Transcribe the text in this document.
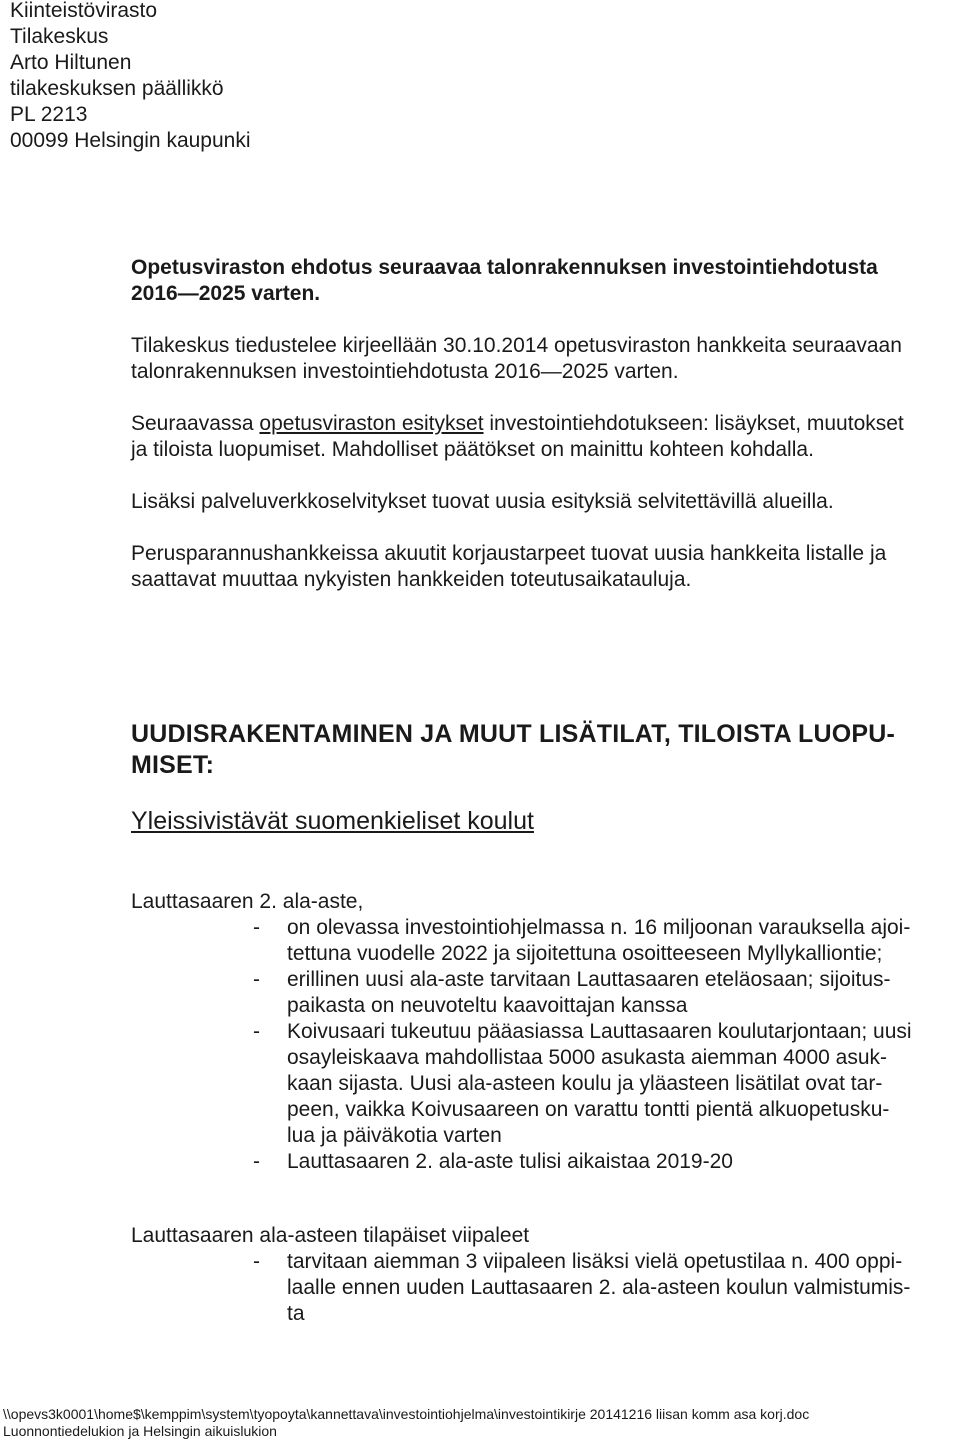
Kiinteistövirasto
Tilakeskus
Arto Hiltunen
tilakeskuksen päällikkö
PL 2213
00099 Helsingin kaupunki
Opetusviraston ehdotus seuraavaa talonrakennuksen investointiehdotusta
2016—2025 varten.
Tilakeskus tiedustelee kirjeellään 30.10.2014 opetusviraston hankkeita seuraavaan
talonrakennuksen investointiehdotusta 2016—2025 varten.
Seuraavassa opetusviraston esitykset investointiehdotukseen: lisäykset, muutokset
ja tiloista luopumiset. Mahdolliset päätökset on mainittu kohteen kohdalla.
Lisäksi palveluverkkoselvitykset tuovat uusia esityksiä selvitettävillä alueilla.
Perusparannushankkeissa akuutit korjaustarpeet tuovat uusia hankkeita listalle ja
saattavat muuttaa nykyisten hankkeiden toteutusaikatauluja.
UUDISRAKENTAMINEN JA MUUT LISÄTILAT, TILOISTA LUOPU-
MISET:
Yleissivistävät suomenkieliset koulut
Lauttasaaren 2. ala-aste,
- on olevassa investointiohjelmassa n. 16 miljoonan varauksella ajoi-
tettuna vuodelle 2022 ja sijoitettuna osoitteeseen Myllykalliontie;
- erillinen uusi ala-aste tarvitaan Lauttasaaren eteläosaan; sijoitus-
paikasta on neuvoteltu kaavoittajan kanssa
- Koivusaari tukeutuu pääasiassa Lauttasaaren koulutarjontaan; uusi
osayleiskaava mahdollistaa 5000 asukasta aiemman 4000 asuk-
kaan sijasta. Uusi ala-asteen koulu ja yläasteen lisätilat ovat tar-
peen, vaikka Koivusaareen on varattu tontti pientä alkuopetusku-
lua ja päiväkotia varten
- Lauttasaaren 2. ala-aste tulisi aikaistaa 2019-20
Lauttasaaren ala-asteen tilapäiset viipaleet
- tarvitaan aiemman 3 viipaleen lisäksi vielä opetustilaa n. 400 oppi-
laalle ennen uuden Lauttasaaren 2. ala-asteen koulun valmistumis-
ta
\\opevs3k0001\home$\kemppim\system\tyopoyta\kannettava\investointiohjelma\investointikirje 20141216 liisan komm asa korj.doc
Luonnontiedelukion ja Helsingin aikuislukion
